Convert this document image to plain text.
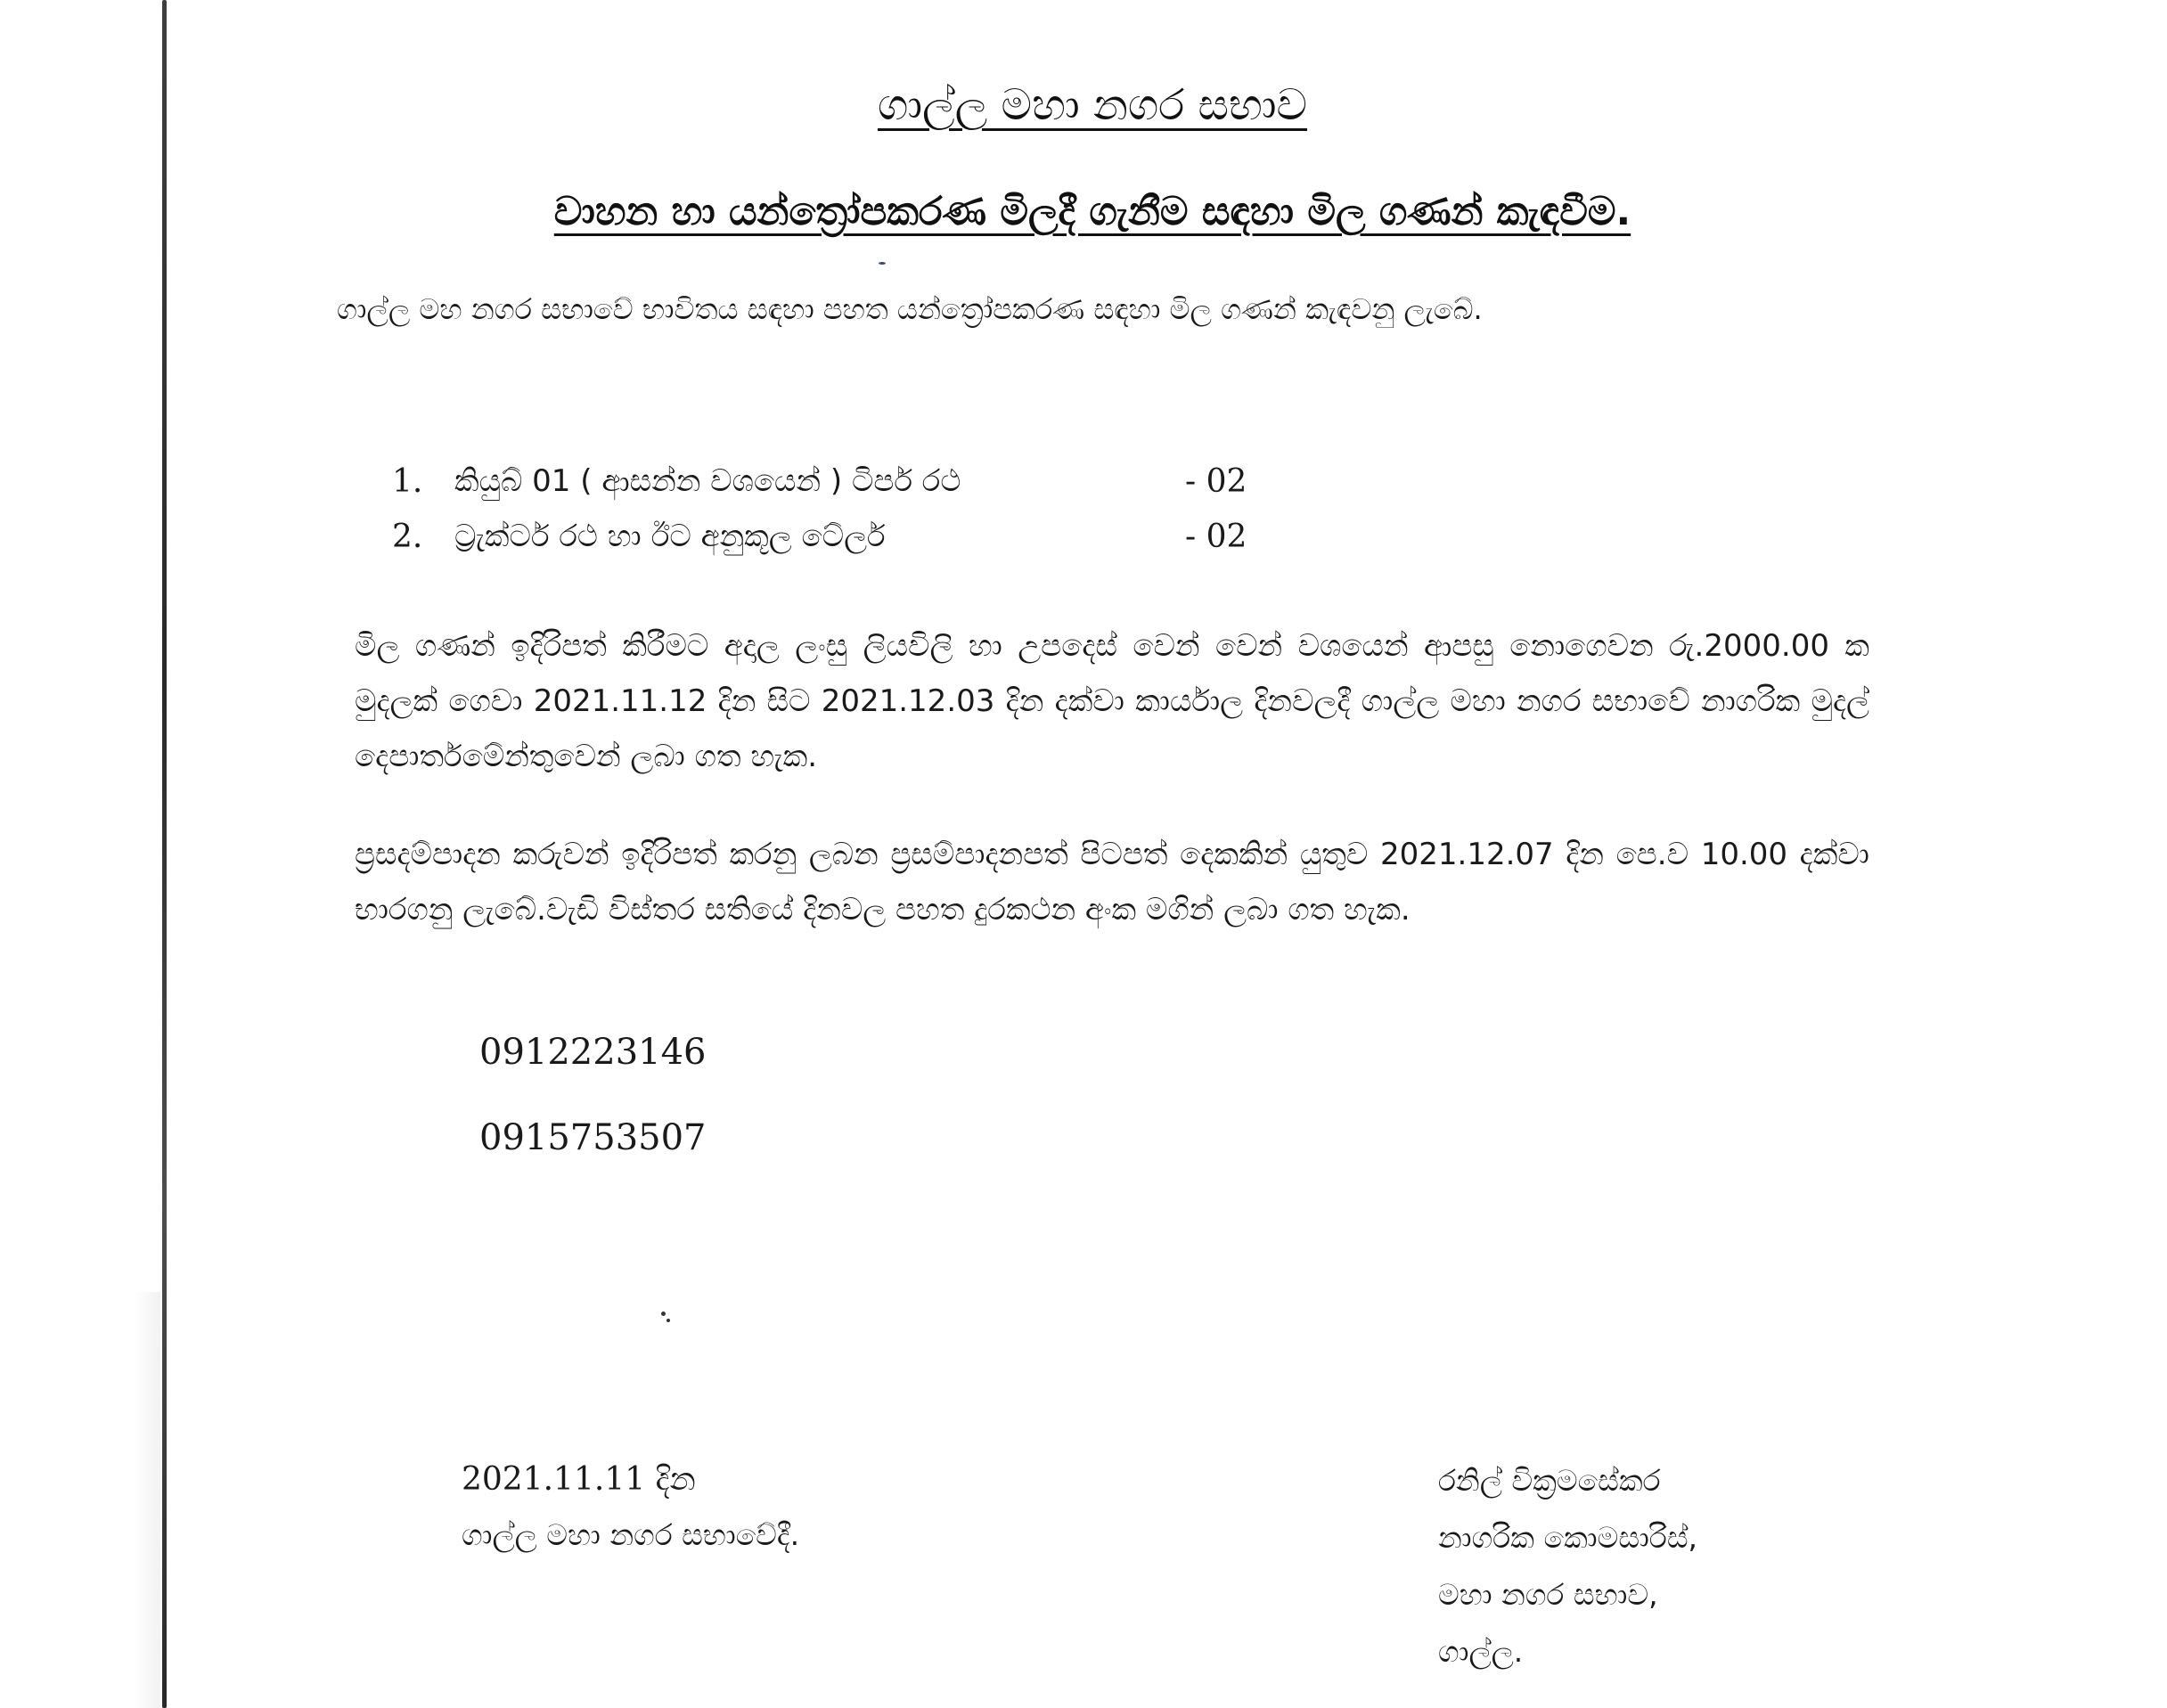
ගාල්ල මහා නගර සභාව
වාහන හා යන්ත්‍රෝපකරණ මිලදී ගැනීම සඳහා මිල ගණන් කැඳවීම.
ගාල්ල මහ නගර සභාවේ භාවිතය සඳහා පහත යන්ත්‍රෝපකරණ සඳහා මිල ගණන් කැඳවනු ලැබේ.
1. කියුබ් 01 ( ආසන්න වශයෙන් ) ටිපර් රථ	- 02
2. ට්‍රැක්ටර් රථ හා ඊට අනුකූල ටේලර්	- 02

මිල ගණන් ඉදිරිපත් කිරීමට අදාල ලංසු ලියවිලි හා උපදෙස් වෙන් වෙන් වශයෙන් ආපසු නොගෙවන රු.2000.00 ක මුදලක් ගෙවා 2021.11.12 දින සිට 2021.12.03 දින දක්වා කාර්යාල දිනවලදී ගාල්ල මහා නගර සභාවේ නාගරික මුදල් දෙපාර්තමේන්තුවෙන් ලබා ගත හැක.

ප්‍රසදම්පාදන කරුවන් ඉදිරිපත් කරනු ලබන ප්‍රසම්පාදනපත් පිටපත් දෙකකින් යුතුව 2021.12.07 දින පෙ.ව 10.00 දක්වා භාරගනු ලැබේ.වැඩි විස්තර සතියේ දිනවල පහත දුරකථන අංක මගින් ලබා ගත හැක.

0912223146
0915753507
2021.11.11 දින
ගාල්ල මහා නගර සභාවේදී.
රනිල් වික්‍රමසේකර
නාගරික කොමසාරිස්,
මහා නගර සභාව,
ගාල්ල.
